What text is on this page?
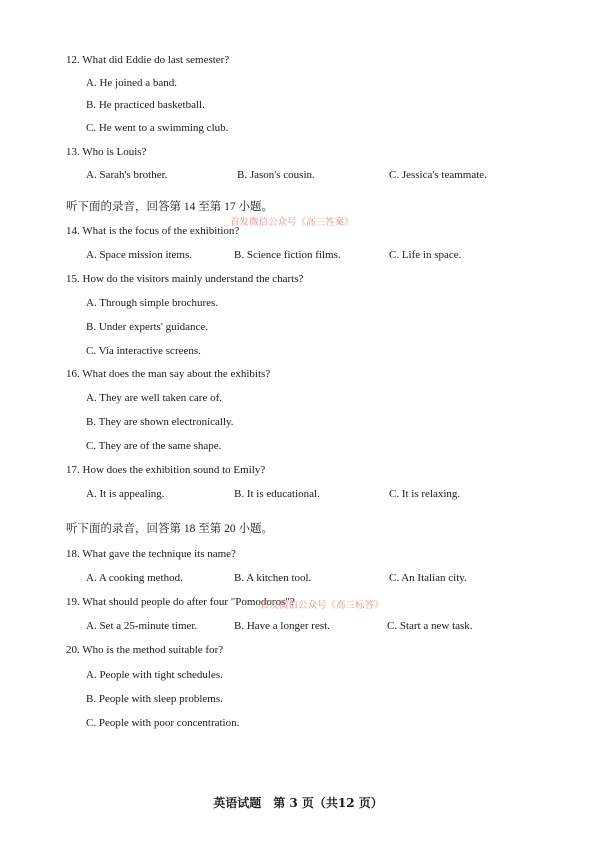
12. What did Eddie do last semester?
A. He joined a band.
B. He practiced basketball.
C. He went to a swimming club.
13. Who is Louis?
A. Sarah's brother.	B. Jason's cousin.	C. Jessica's teammate.
听下面的录音，回答第 14 至第 17 小题。
首发微信公众号《高三答案》
14. What is the focus of the exhibition?
A. Space mission items.	B. Science fiction films.	C. Life in space.
15. How do the visitors mainly understand the charts?
A. Through simple brochures.
B. Under experts' guidance.
C. Via interactive screens.
16. What does the man say about the exhibits?
A. They are well taken care of.
B. They are shown electronically.
C. They are of the same shape.
17. How does the exhibition sound to Emily?
A. It is appealing.	B. It is educational.	C. It is relaxing.
听下面的录音，回答第 18 至第 20 小题。
18. What gave the technique its name?
A. A cooking method.	B. A kitchen tool.	C. An Italian city.
19. What should people do after four "Pomodoros"?
首发微信公众号《高三标答》
A. Set a 25-minute timer.	B. Have a longer rest.	C. Start a new task.
20. Who is the method suitable for?
A. People with tight schedules.
B. People with sleep problems.
C. People with poor concentration.
英语试题　第 3 页（共12 页）
